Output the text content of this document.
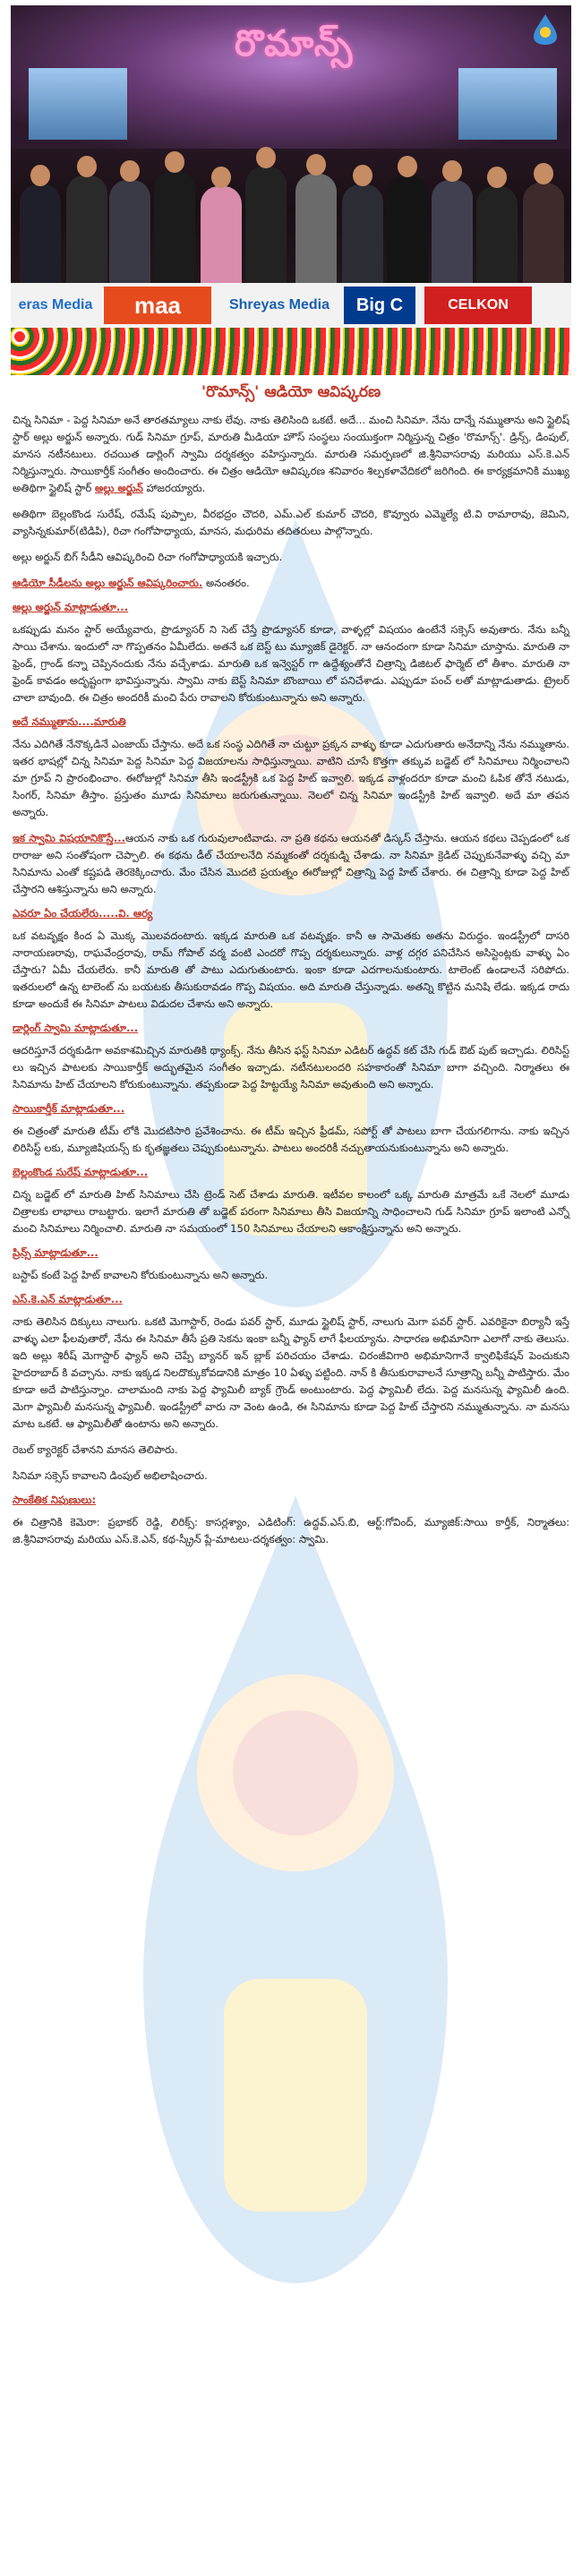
రొమాన్స్
eras Media	maa	Shreyas Media	Big C	CELKON
'రొమాన్స్' ఆడియో ఆవిష్కరణ

చిన్న సినిమా - పెద్ద సినిమా అనే తారతమ్యాలు నాకు లేవు. నాకు తెలిసింది ఒకటే. అదే... మంచి సినిమా. నేను దాన్నే నమ్ముతాను అని స్టైలిష్ స్టార్ అల్లు అర్జున్ అన్నారు. గుడ్ సినిమా గ్రూప్, మారుతి మీడియా హౌస్ సంస్థలు సంయుక్తంగా నిర్మిస్తున్న చిత్రం 'రొమాన్స్'. డ్రిన్స్, డింపుల్, మానస నటీనటులు. రచయిత డార్లింగ్ స్వామి దర్శకత్వం వహిస్తున్నారు. మారుతి సమర్పణలో జి.శ్రీనివాసరావు మరియు ఎస్.కె.ఎన్ నిర్మిస్తున్నారు. సాయికార్తీక్ సంగీతం అందించారు. ఈ చిత్రం ఆడియో ఆవిష్కరణ శనివారం శిల్పకళావేదికలో జరిగింది. ఈ కార్యక్రమానికి ముఖ్య అతిథిగా స్టైలిష్ స్టార్ అల్లు అర్జున్ హాజరయ్యారు.

అతిథిగా బెల్లంకొండ సురేష్, రమేష్ పుప్పాల, వీరభద్రం చౌదరి, ఎమ్.ఎల్ కుమార్ చౌదరి, కొవ్వూరు ఎమ్మెల్యే టి.వి రామారావు, జెమిని, వ్యాసిన్నకుమార్(టిడిపి), రిచా గంగోపాధ్యాయ, మానస, మధురిమ తదితరులు పాల్గొన్నారు.

అల్లు అర్జున్ బిగ్ సీడీని ఆవిష్కరించి రిచా గంగోపాధ్యాయకి ఇచ్చారు.

ఆడియో సీడీలను అల్లు అర్జున్ ఆవిష్కరించారు. అనంతరం.

అల్లు అర్జున్ మాట్లాడుతూ...

ఒకప్పుడు మనం స్టార్ అయ్యేవారు, ప్రొడ్యూసర్ ని సెట్ చేస్తే ప్రొడ్యూసర్ కూడా, వాళ్ళల్లో విషయం ఉంటేనే సక్సెస్ అవుతారు. నేను బన్నీ సాయి చేశాను. ఇందులో నా గొప్పతనం ఏమీలేదు. అతనే ఒక బెస్ట్ టు మ్యూజిక్ డైరెక్టర్. నా ఆనందంగా కూడా సినిమా చూస్తాను. మారుతి నా ఫ్రెండ్, గ్రాండ్ కన్నా చెప్పినందుకు నేను వచ్చేశాడు. మారుతి ఒక ఇన్వెస్టర్ గా ఉద్దేశ్యంతోనే చిత్రాన్ని డిజిటల్ ఫార్మెట్ లో తీశాం. మారుతి నా ఫ్రెండ్ కావడం అదృష్టంగా భావిస్తున్నాను. స్వామి నాకు బెస్ట్ సినిమా బొంబాయి లో పనిచేశాడు. ఎప్పుడూ పంచ్ లతో మాట్లాడుతాడు. ట్రైలర్ చాలా బావుంది. ఈ చిత్రం అందరికీ మంచి పేరు రావాలని కోరుకుంటున్నాను అని అన్నారు.

అదే నమ్ముతాను....మారుతి

నేను ఎదిగితే నేనొక్కడినే ఎంజాయ్ చేస్తాను. అదే ఒక సంస్థ ఎదిగితే నా చుట్టూ ప్రక్కన వాళ్ళు కూడా ఎదుగుతారు అనేదాన్ని నేను నమ్ముతాను. ఇతర భాషల్లో చిన్న సినిమా పెద్ద సినిమా పెద్ద విజయాలను సాధిస్తున్నాయి. వాటిని చూసే కొత్తగా తక్కువ బడ్జెట్ లో సినిమాలు నిర్మించాలని మా గ్రూప్ ని ప్రారంభించాం. ఈరోజుల్లో సినిమా తీసి ఇండస్ట్రీకి ఒక పెద్ద హిట్ ఇవ్వాలి. ఇక్కడ వాళ్లందరూ కూడా మంచి ఓపిక తోనే నటుడు, సింగర్, సినిమా తీస్తాం. ప్రస్తుతం మూడు సినిమాలు జరుగుతున్నాయి. నెలలో చిన్న సినిమా ఇండస్ట్రీకి హిట్ ఇవ్వాలి. అదే మా తపన అన్నారు.

ఇక స్వామి విషయానికొస్తే...ఆయన నాకు ఒక గురువులాంటివాడు. నా ప్రతి కథను ఆయనతో డిస్కస్ చేస్తాను. ఆయన కథలు చెప్పడంలో ఒక రారాజు అని సంతోషంగా చెప్పాలి. ఈ కథను డీల్ చేయాలనేది నమ్మకంతో దర్శకుడ్ని చేశాడు. నా సినిమా క్రెడిట్ చెప్పుకునేవాళ్ళు వచ్చి మా సినిమాను ఎంతో కష్టపడి తెరకెక్కించారు. మేం చేసిన మొదటి ప్రయత్నం ఈరోజుల్లో చిత్రాన్ని పెద్ద హిట్ చేశారు. ఈ చిత్రాన్ని కూడా పెద్ద హిట్ చేస్తారని ఆశిస్తున్నాను అని అన్నారు.

ఎవరూ ఏం చేయలేరు.....వి. ఆర్య

ఒక వటవృక్షం కింద ఏ మొక్క మొలవదంటారు. ఇక్కడ మారుతి ఒక వటవృక్షం. కానీ ఆ సామెతకు అతను విరుద్ధం. ఇండస్ట్రీలో దాసరి నారాయణరావు, రాఘవేంద్రరావు, రామ్ గోపాల్ వర్మ వంటి ఎందరో గొప్ప దర్శకులున్నారు. వాళ్ల దగ్గర పనిచేసిన అసిస్టెంట్లకు వాళ్ళు ఏం చేస్తారు? ఏమీ చేయలేరు. కానీ మారుతి తో పాటు ఎదుగుతుంటారు. ఇంకా కూడా ఎదగాలనుకుంటారు. టాలెంట్ ఉండాలనే సరిపోదు. ఇతరులలో ఉన్న టాలెంట్ ను బయటకు తీసుకురావడం గొప్ప విషయం. అది మారుతి చేస్తున్నాడు. అతన్ని కొట్టిన మనిషి లేడు. ఇక్కడ రాదు కూడా అందుకే ఈ సినిమా పాటలు విడుదల చేశాను అని అన్నారు.

డార్లింగ్ స్వామి మాట్లాడుతూ...

ఆదరిస్తూనే దర్శకుడిగా అవకాశమిచ్చిన మారుతికి థ్యాంక్స్. నేను తీసిన ఫస్ట్ సినిమా ఎడిటర్ ఉద్ధవ్ కట్ చేసి గుడ్ ఔట్ పుట్ ఇచ్చాడు. లిరిసిస్ట్ లు ఇచ్చిన పాటలకు సాయికార్తీక్ అద్భుతమైన సంగీతం ఇచ్చాడు. నటీనటులందరి సహకారంతో సినిమా బాగా వచ్చింది. నిర్మాతలు ఈ సినిమాను హిట్ చేయాలని కోరుకుంటున్నాను. తప్పకుండా పెద్ద హిట్టయ్యే సినిమా అవుతుంది అని అన్నారు.

సాయికార్తీక్ మాట్లాడుతూ...

ఈ చిత్రంతో మారుతి టీమ్ లోకి మొదటిసారి ప్రవేశించాను. ఈ టీమ్ ఇచ్చిన ఫ్రీడమ్, సపోర్ట్ తో పాటలు బాగా చేయగలిగాను. నాకు ఇచ్చిన లిరిసిస్ట్ లకు, మ్యూజిషియన్స్ కు కృతజ్ఞతలు చెప్పుకుంటున్నాను. పాటలు అందరికీ నచ్చుతాయనుకుంటున్నాను అని అన్నారు.

బెల్లంకొండ సురేష్ మాట్లాడుతూ...

చిన్న బడ్జెట్ లో మారుతి హిట్ సినిమాలు చేసి ట్రెండ్ సెట్ చేశాడు మారుతి. ఇటీవల కాలంలో ఒక్క మారుతి మాత్రమే ఒకే నెలలో మూడు చిత్రాలకు లాభాలు రాబట్టారు. ఇలాగే మారుతి తో బడ్జెట్ పరంగా సినిమాలు తీసి విజయాన్ని సాధించాలని గుడ్ సినిమా గ్రూప్ ఇలాంటి ఎన్నో మంచి సినిమాలు నిర్మించాలి. మారుతి నా సమయంలో 150 సినిమాలు చేయాలని ఆకాంక్షిస్తున్నాను అని అన్నారు.

ప్రిన్స్ మాట్లాడుతూ...

బస్టాప్ కంటే పెద్ద హిట్ కావాలని కోరుకుంటున్నాను అని అన్నారు.

ఎస్.కె.ఎన్ మాట్లాడుతూ...

నాకు తెలిసిన దిక్కులు నాలుగు. ఒకటి మెగాస్టార్, రెండు పవర్ స్టార్, మూడు స్టైలిష్ స్టార్, నాలుగు మెగా పవర్ స్టార్. ఎవరికైనా బిర్యానీ ఇస్తే వాళ్ళు ఎలా ఫీలవుతారో, నేను ఈ సినిమా తీసే ప్రతి సెకను ఇంకా బన్నీ ఫ్యాన్ లాగే ఫీలయ్యాను. సాధారణ అభిమానిగా ఎలాగో నాకు తెలుసు. ఇది అల్లు శిరీష్ మెగాస్టార్ ఫ్యాన్ అని చెప్పే బ్యానర్ ఇన్ బ్లాక్ పరిచయం చేశాడు. చిరంజీవిగారి అభిమానిగానే క్వాలిఫికేషన్ పెంచుకుని హైదరాబాద్ కి వచ్చాను. నాకు ఇక్కడ నిలదొక్కుకోవడానికి మాత్రం 10 ఏళ్ళు పట్టింది. నాన్ కి తీసుకురావాలనే సూత్రాన్ని బన్నీ పాటిస్తారు. మేం కూడా అదే పాటిస్తున్నాం. చాలామంది నాకు పెద్ద ఫ్యామిలీ బ్యాక్ గ్రౌండ్ అంటుంటారు. పెద్ద ఫ్యామిలీ లేదు. పెద్ద మనసున్న ఫ్యామిలీ ఉంది. మెగా ఫ్యామిలీ మనసున్న ఫ్యామిలీ. ఇండస్ట్రీలో వారు నా వెంట ఉండి, ఈ సినిమాను కూడా పెద్ద హిట్ చేస్తారని నమ్ముతున్నాను. నా మనసు మాట ఒకటే. ఆ ఫ్యామిలీతో ఉంటాను అని అన్నారు.

రెబల్ క్యారెక్టర్ చేశానని మానస తెలిపారు.

సినిమా సక్సెస్ కావాలని డింపుల్ అభిలాషించారు.

సాంకేతిక నిపుణులు:

ఈ చిత్రానికి కెమెరా: ప్రభాకర్ రెడ్డి, లిరిక్స్: కాసర్లశ్యాం, ఎడిటింగ్: ఉద్ధవ్.ఎస్.బి, ఆర్ట్:గోవింద్, మ్యూజిక్:సాయి కార్తీక్, నిర్మాతలు: జి.శ్రీనివాసరావు మరియు ఎస్.కె.ఎన్, కథ-స్క్రీన్ ప్లే-మాటలు-దర్శకత్వం: స్వామి.
